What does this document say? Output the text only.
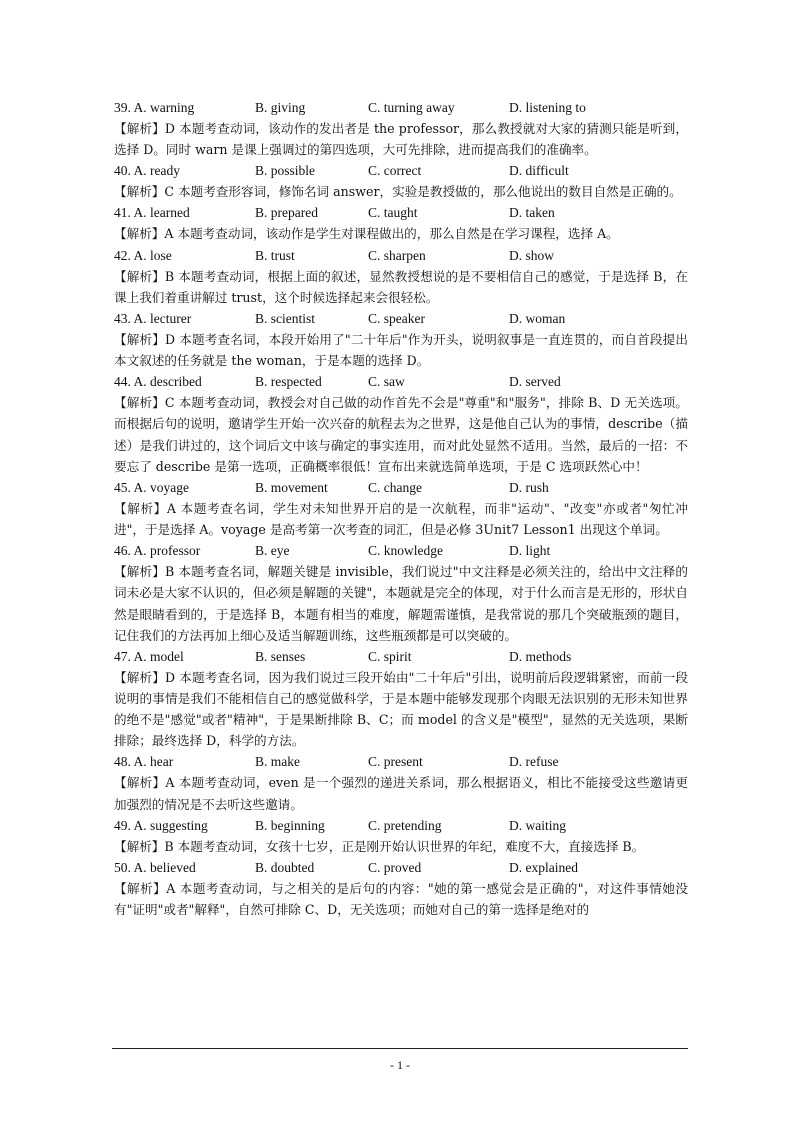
39. A. warning	B. giving	C. turning away	D. listening to

【解析】D 本题考查动词，该动作的发出者是 the professor，那么教授就对大家的猜测只能是听到，选择 D。同时 warn 是课上强调过的第四选项，大可先排除，进而提高我们的准确率。

40. A. ready	B. possible	C. correct	D. difficult

【解析】C 本题考查形容词，修饰名词 answer，实验是教授做的，那么他说出的数目自然是正确的。

41. A. learned	B. prepared	C. taught	D. taken

【解析】A 本题考查动词，该动作是学生对课程做出的，那么自然是在学习课程，选择 A。

42. A. lose	B. trust	C. sharpen	D. show

【解析】B 本题考查动词，根据上面的叙述，显然教授想说的是不要相信自己的感觉，于是选择 B，在课上我们着重讲解过 trust，这个时候选择起来会很轻松。

43. A. lecturer	B. scientist	C. speaker	D. woman

【解析】D 本题考查名词，本段开始用了"二十年后"作为开头，说明叙事是一直连贯的，而自首段提出本文叙述的任务就是 the woman，于是本题的选择 D。

44. A. described	B. respected	C. saw	D. served

【解析】C 本题考查动词，教授会对自己做的动作首先不会是"尊重"和"服务"，排除 B、D 无关选项。而根据后句的说明，邀请学生开始一次兴奋的航程去为之世界，这是他自己认为的事情，describe（描述）是我们讲过的，这个词后文中该与确定的事实连用，而对此处显然不适用。当然，最后的一招：不要忘了 describe 是第一选项，正确概率很低！宣布出来就选简单选项，于是 C 选项跃然心中！

45. A. voyage	B. movement	C. change	D. rush

【解析】A 本题考查名词，学生对未知世界开启的是一次航程，而非"运动"、"改变"亦或者"匆忙冲进"，于是选择 A。voyage 是高考第一次考查的词汇，但是必修 3Unit7 Lesson1 出现这个单词。

46. A. professor	B. eye	C. knowledge	D. light

【解析】B 本题考查名词，解题关键是 invisible，我们说过"中文注释是必须关注的，给出中文注释的词未必是大家不认识的，但必须是解题的关键"，本题就是完全的体现，对于什么而言是无形的，形状自然是眼睛看到的，于是选择 B，本题有相当的难度，解题需谨慎，是我常说的那几个突破瓶颈的题目，记住我们的方法再加上细心及适当解题训练，这些瓶颈都是可以突破的。

47. A. model	B. senses	C. spirit	D. methods

【解析】D 本题考查名词，因为我们说过三段开始由"二十年后"引出，说明前后段逻辑紧密，而前一段说明的事情是我们不能相信自己的感觉做科学，于是本题中能够发现那个肉眼无法识别的无形未知世界的绝不是"感觉"或者"精神"，于是果断排除 B、C；而 model 的含义是"模型"，显然的无关选项，果断排除；最终选择 D，科学的方法。

48. A. hear	B. make	C. present	D. refuse

【解析】A 本题考查动词，even 是一个强烈的递进关系词，那么根据语义，相比不能接受这些邀请更加强烈的情况是不去听这些邀请。

49. A. suggesting	B. beginning	C. pretending	D. waiting

【解析】B 本题考查动词，女孩十七岁，正是刚开始认识世界的年纪，难度不大，直接选择 B。

50. A. believed	B. doubted	C. proved	D. explained

【解析】A 本题考查动词，与之相关的是后句的内容："她的第一感觉会是正确的"，对这件事情她没有"证明"或者"解释"，自然可排除 C、D，无关选项；而她对自己的第一选择是绝对的

- 1 -
